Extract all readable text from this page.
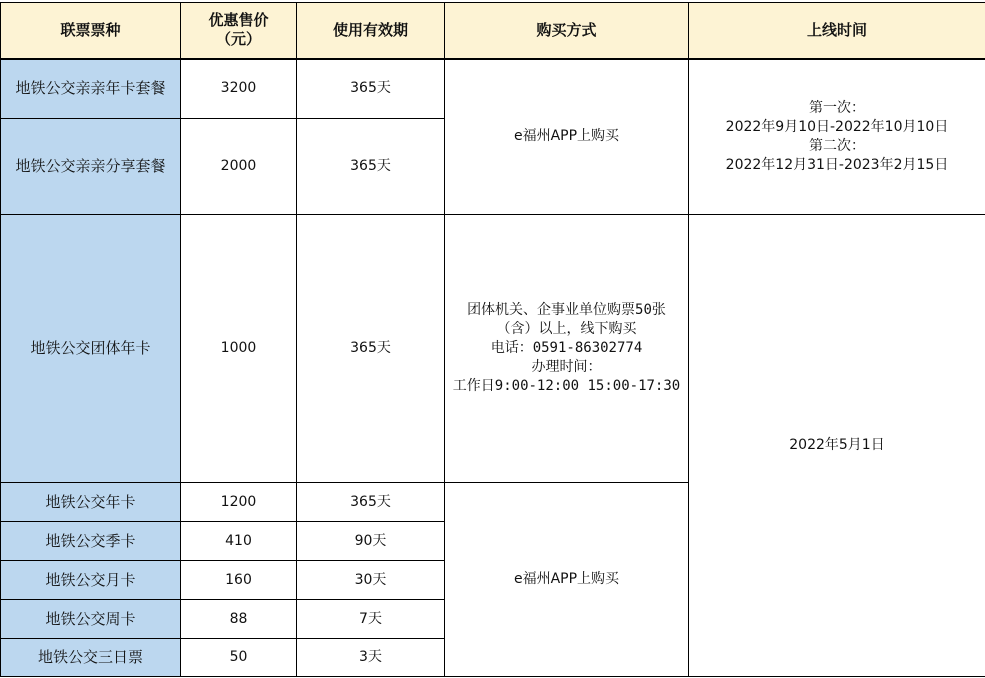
联票票种	优惠售价 （元）	使用有效期	购买方式	上线时间
地铁公交亲亲年卡套餐	3200	365天	e福州APP上购买	第一次：
2022年9月10日-2022年10月10日
第二次：
2022年12月31日-2023年2月15日

地铁公交亲亲分享套餐	2000	365天		
地铁公交团体年卡	1000	365天	团体机关、企事业单位购票50张
（含）以上，线下购买
电话：0591-86302774
办理时间：
工作日9:00-12:00 15:00-17:30	2022年5月1日
地铁公交年卡	1200	365天	e福州APP上购买	
地铁公交季卡	410	90天		
地铁公交月卡	160	30天		
地铁公交周卡	88	7天		
地铁公交三日票	50	3天		
